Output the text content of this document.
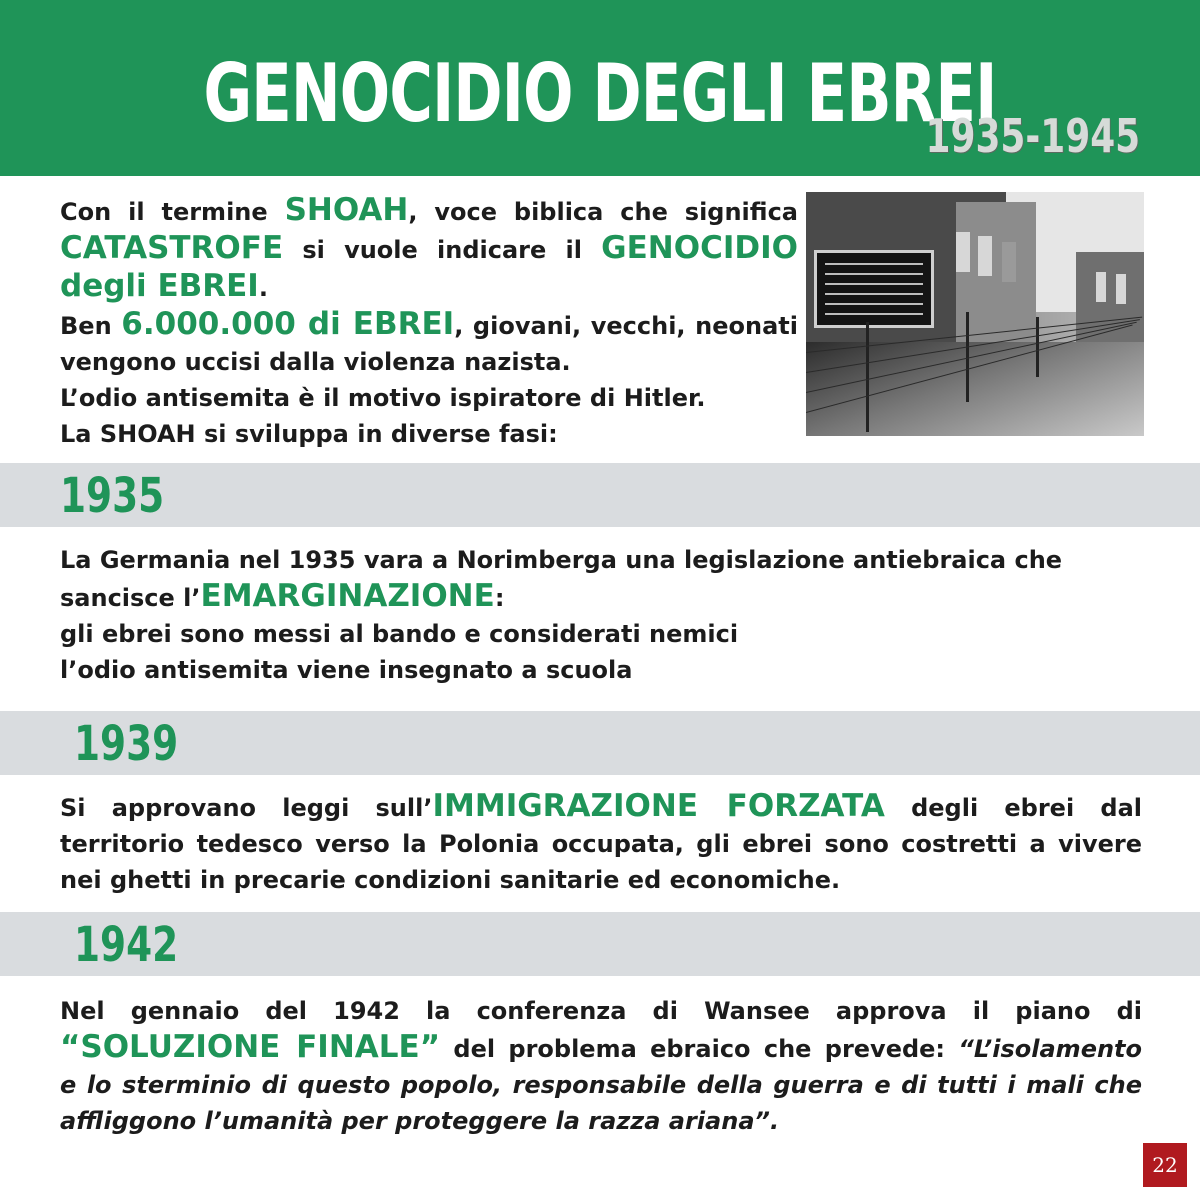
GENOCIDIO DEGLI EBREI
1935-1945
Con il termine SHOAH, voce biblica che significa
CATASTROFE si vuole indicare il GENOCIDIO
degli EBREI.
Ben 6.000.000 di EBREI, giovani, vecchi, neonati
vengono uccisi dalla violenza nazista.
L’odio antisemita è il motivo ispiratore di Hitler.
La SHOAH si sviluppa in diverse fasi:
1935
La Germania nel 1935 vara a Norimberga una legislazione antiebraica che
sancisce l’EMARGINAZIONE:
gli ebrei sono messi al bando e considerati nemici
l’odio antisemita viene insegnato a scuola
1939
Si approvano leggi sull’IMMIGRAZIONE FORZATA degli ebrei dal
territorio tedesco verso la Polonia occupata, gli ebrei sono costretti a vivere
nei ghetti in precarie condizioni sanitarie ed economiche.
1942
Nel gennaio del 1942 la conferenza di Wansee approva il piano di
“SOLUZIONE FINALE” del problema ebraico che prevede: “L’isolamento
e lo sterminio di questo popolo, responsabile della guerra e di tutti i mali che
affliggono l’umanità per proteggere la razza ariana”.
22
